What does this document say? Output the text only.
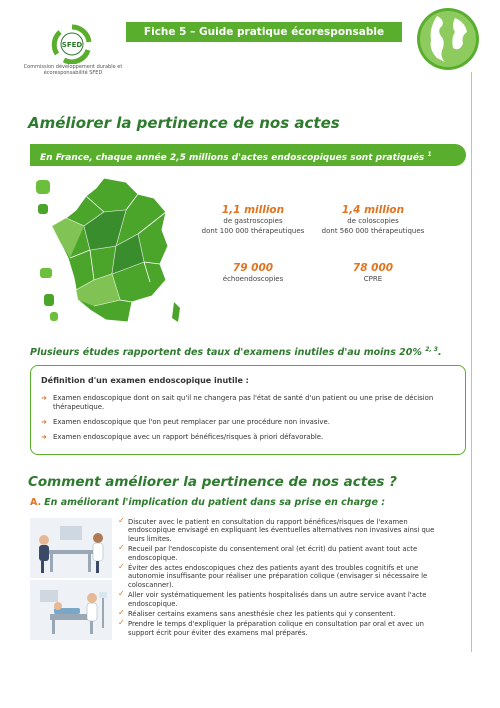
SFED
Commission développement durable et écoresponsabilité SFED
Fiche 5 – Guide pratique écoresponsable
Améliorer la pertinence de nos actes
En France, chaque année 2,5 millions d'actes endoscopiques sont pratiqués $^1$
1,1 million
de gastroscopies
dont 100 000 thérapeutiques
1,4 million
de coloscopies
dont 560 000 thérapeutiques
79 000
échoendoscopies
78 000
CPRE
Plusieurs études rapportent des taux d'examens inutiles d'au moins 20% $^{2, 3}$.
Définition d'un examen endoscopique inutile :
➜ Examen endoscopique dont on sait qu'il ne changera pas l'état de santé d'un patient ou une prise de décision thérapeutique.
➜ Examen endoscopique que l'on peut remplacer par une procédure non invasive.
➜ Examen endoscopique avec un rapport bénéfices/risques à priori défavorable.
Comment améliorer la pertinence de nos actes ?
A. En améliorant l'implication du patient dans sa prise en charge :
✓ Discuter avec le patient en consultation du rapport bénéfices/risques de l'examen endoscopique envisagé en expliquant les éventuelles alternatives non invasives ainsi que leurs limites.
✓ Recueil par l'endoscopiste du consentement oral (et écrit) du patient avant tout acte endoscopique.
✓ Éviter des actes endoscopiques chez des patients ayant des troubles cognitifs et une autonomie insuffisante pour réaliser une préparation colique (envisager si nécessaire le coloscanner).
✓ Aller voir systématiquement les patients hospitalisés dans un autre service avant l'acte endoscopique.
✓ Réaliser certains examens sans anesthésie chez les patients qui y consentent.
✓ Prendre le temps d'expliquer la préparation colique en consultation par oral et avec un support écrit pour éviter des examens mal préparés.
